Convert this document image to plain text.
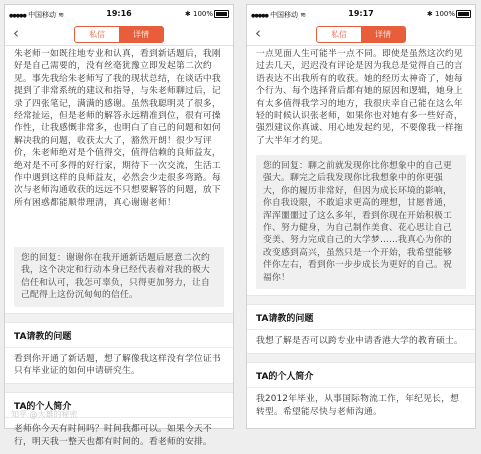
●●●●● 中国移动 ≋	19:16	✱ 100%
‹	私信	详情
朱老师一如既往地专业和认真，看到新话题后，我刚好是自己需要的，没有丝毫犹豫立即发起第二次约见。事先我给朱老师写了我的现状总结，在谈话中我提到了非常系统的建议和指导，与朱老师聊过后，记录了四张笔记，满满的感谢。虽然我聪明灵了很多，经常扯运，但是老师的解答永远精准到位，很有可操作性，让我感慨非常多，也明白了自己的问题和如何解决我的问题，收获太大了，豁然开朗！很少写评价，朱老师绝对是个值得交，值得信赖的良师益友，绝对是不可多得的好行家，期待下一次交流，生活工作中遇到这样的良师益友，必然会少走很多弯路。每次与老师沟通收获的远远不只想要解答的问题，放下所有困惑都能顺带理清，真心谢谢老师！
您的回复：谢谢你在我开通新话题后愿意二次约我，这个决定和行动本身已经代表着对我的极大信任和认可，我怎可辜负，只得更加努力，让自己配得上这份沉甸甸的信任。
TA请教的问题
看到你开通了新话题，想了解像我这样没有学位证书只有毕业证的如何申请研究生。
TA的个人简介
老师你今天有时间吗？时间我都可以。如果今天不行，明天我一整天也都有时间的。看老师的安排。
知乎 @大雄的秘密
●●●●● 中国移动 ≋	19:17	✱ 100%
‹	私信	详情
一点见面人生可能半一点不同。即使是虽然这次约见过去几天，迟迟没有评论是因为我总是觉得自己的言语表达不出我所有的收获。她的经历太神奇了，她每个行为、每个选择背后都有她的原因和逻辑，她身上有太多值得我学习的地方，我很庆幸自己能在这么年轻的时候认识张老师，如果你也对她有多一些好奇，强烈建议你真诚、用心地发起约见，不要像我一样拖了大半年才约见。
您的回复：聊之前就发现你比你想象中的自己更强大。聊完之后我发现你比我想象中的你更强大，你的履历非常好，但因为成长环境的影响，你自我设限，不敢追求更高的理想，甘愿普通，浑浑噩噩过了这么多年，看到你现在开始积极工作、努力健身，为自己制作美食、花心思让自己变美、努力完成自己的大学梦……我真心为你的改变感到高兴，虽然只是一个开始，我希望能够伴你左右，看到你一步步成长为更好的自己。祝福你！
TA请教的问题
我想了解是否可以跨专业申请香港大学的教育硕士。
TA的个人简介
我2012年毕业，从事国际物流工作，年纪见长，想转型。希望能尽快与老师沟通。
